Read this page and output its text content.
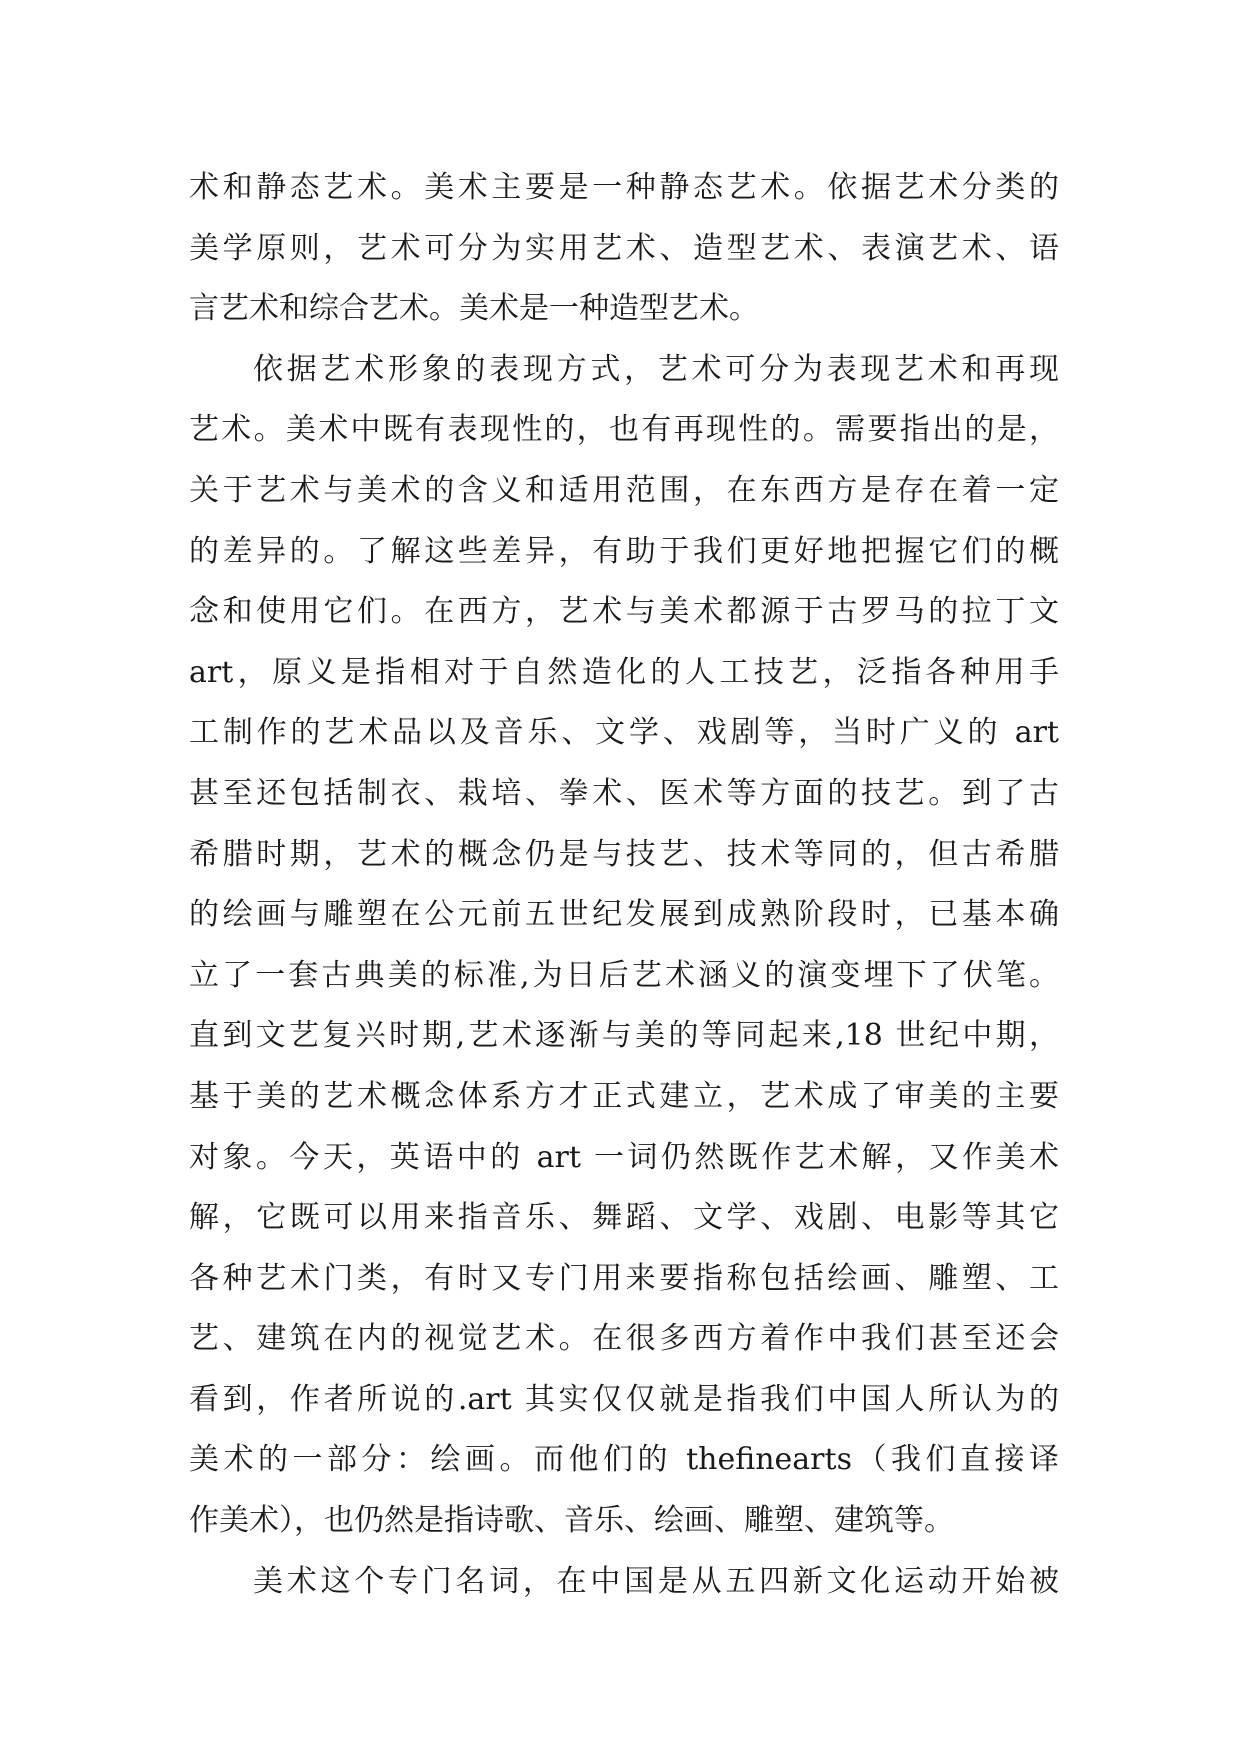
术和静态艺术。美术主要是一种静态艺术。依据艺术分类的
美学原则，艺术可分为实用艺术、造型艺术、表演艺术、语
言艺术和综合艺术。美术是一种造型艺术。
依据艺术形象的表现方式，艺术可分为表现艺术和再现
艺术。美术中既有表现性的，也有再现性的。需要指出的是，
关于艺术与美术的含义和适用范围，在东西方是存在着一定
的差异的。了解这些差异，有助于我们更好地把握它们的概
念和使用它们。在西方，艺术与美术都源于古罗马的拉丁文
art，原义是指相对于自然造化的人工技艺，泛指各种用手
工制作的艺术品以及音乐、文学、戏剧等，当时广义的 art
甚至还包括制衣、栽培、拳术、医术等方面的技艺。到了古
希腊时期，艺术的概念仍是与技艺、技术等同的，但古希腊
的绘画与雕塑在公元前五世纪发展到成熟阶段时，已基本确
立了一套古典美的标准,为日后艺术涵义的演变埋下了伏笔。
直到文艺复兴时期,艺术逐渐与美的等同起来,18 世纪中期，
基于美的艺术概念体系方才正式建立，艺术成了审美的主要
对象。今天，英语中的 art 一词仍然既作艺术解，又作美术
解，它既可以用来指音乐、舞蹈、文学、戏剧、电影等其它
各种艺术门类，有时又专门用来要指称包括绘画、雕塑、工
艺、建筑在内的视觉艺术。在很多西方着作中我们甚至还会
看到，作者所说的.art 其实仅仅就是指我们中国人所认为的
美术的一部分：绘画。而他们的 thefinearts（我们直接译
作美术），也仍然是指诗歌、音乐、绘画、雕塑、建筑等。
美术这个专门名词，在中国是从五四新文化运动开始被
